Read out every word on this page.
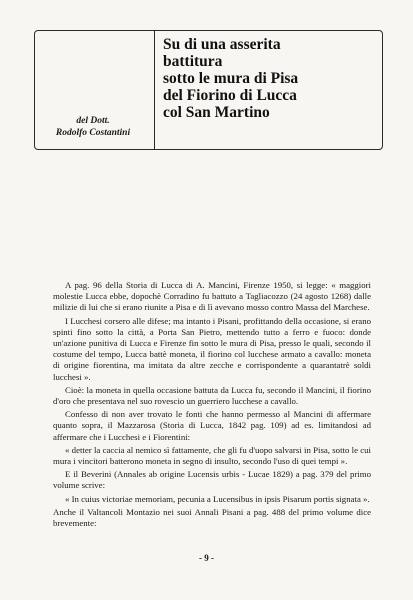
Su di una asserita
battitura
sotto le mura di Pisa
del Fiorino di Lucca
col San Martino
del Dott.
Rodolfo Costantini

A pag. 96 della Storia di Lucca di A. Mancini, Firenze 1950, si legge: « maggiori molestie Lucca ebbe, dopochè Corradino fu battuto a Tagliacozzo (24 agosto 1268) dalle milizie di lui che si erano riunite a Pisa e di lì avevano mosso contro Massa del Marchese.

I Lucchesi corsero alle difese; ma intanto i Pisani, profittando della occasione, si erano spinti fino sotto la città, a Porta San Pietro, mettendo tutto a ferro e fuoco: donde un'azione punitiva di Lucca e Firenze fin sotto le mura di Pisa, presso le quali, secondo il costume del tempo, Lucca battè moneta, il fiorino col lucchese armato a cavallo: moneta di origine fiorentina, ma imitata da altre zecche e corrispondente a quarantatrè soldi lucchesi ».

Cioè: la moneta in quella occasione battuta da Lucca fu, secondo il Mancini, il fiorino d'oro che presentava nel suo rovescio un guerriero lucchese a cavallo.

Confesso di non aver trovato le fonti che hanno permesso al Mancini di affermare quanto sopra, il Mazzarosa (Storia di Lucca, 1842 pag. 109) ad es. limitandosi ad affermare che i Lucchesi e i Fiorentini:

« detter la caccia al nemico sì fattamente, che gli fu d'uopo salvarsi in Pisa, sotto le cui mura i vincitori batterono moneta in segno di insulto, secondo l'uso di quei tempi ».

E il Beverini (Annales ab origine Lucensis urbis - Lucae 1829) a pag. 379 del primo volume scrive:

« In cuius victoriae memoriam, pecunia a Lucensibus in ipsis Pisarum portis signata ».

Anche il Valtancoli Montazio nei suoi Annali Pisani a pag. 488 del primo volume dice brevemente:

- 9 -
